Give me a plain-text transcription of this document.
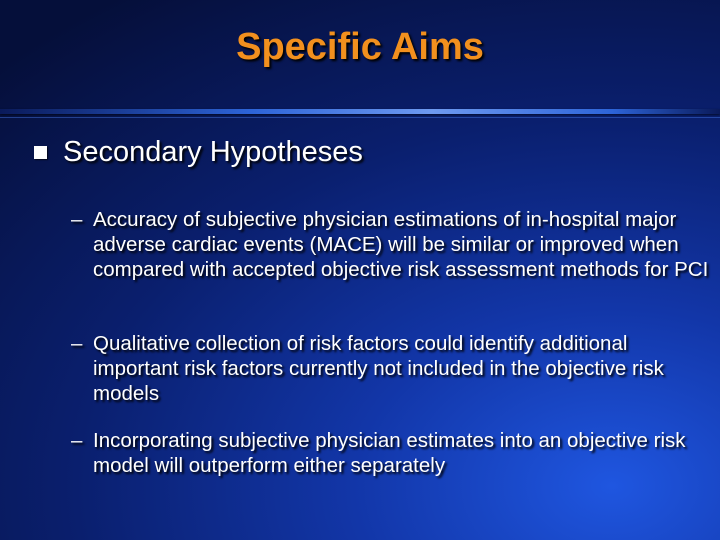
Specific Aims
Secondary Hypotheses
– Accuracy of subjective physician estimations of in-hospital major adverse cardiac events (MACE) will be similar or improved when compared with accepted objective risk assessment methods for PCI
– Qualitative collection of risk factors could identify additional important risk factors currently not included in the objective risk models
– Incorporating subjective physician estimates into an objective risk model will outperform either separately
